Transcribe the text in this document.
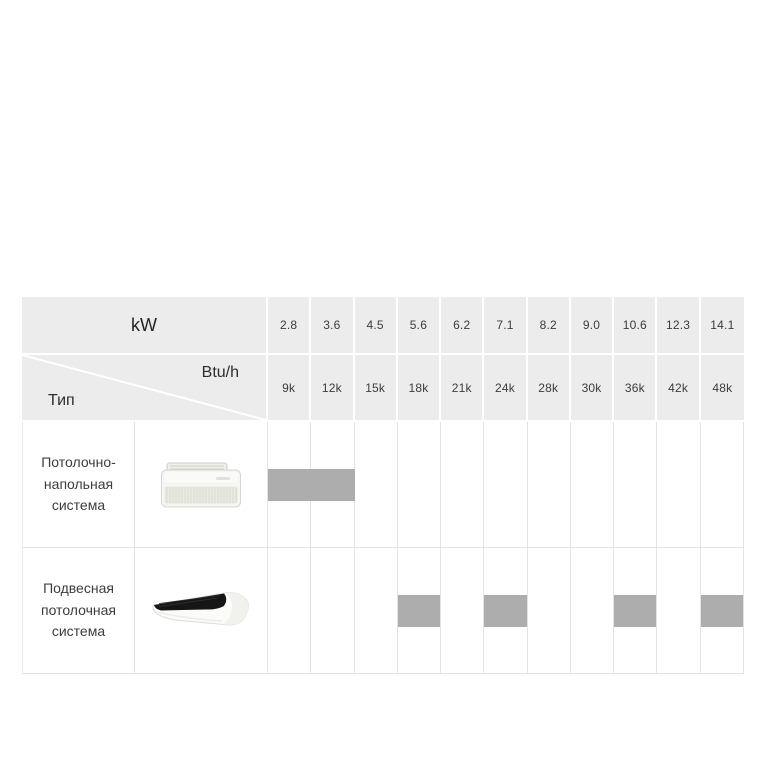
kW
Btu/h
Тип
Потолочно-напольная система
Подвесная потолочная система
2.8 3.6 4.5 5.6 6.2 7.1 8.2 9.0 10.6 12.3 14.1
9k 12k 15k 18k 21k 24k 28k 30k 36k 42k 48k
